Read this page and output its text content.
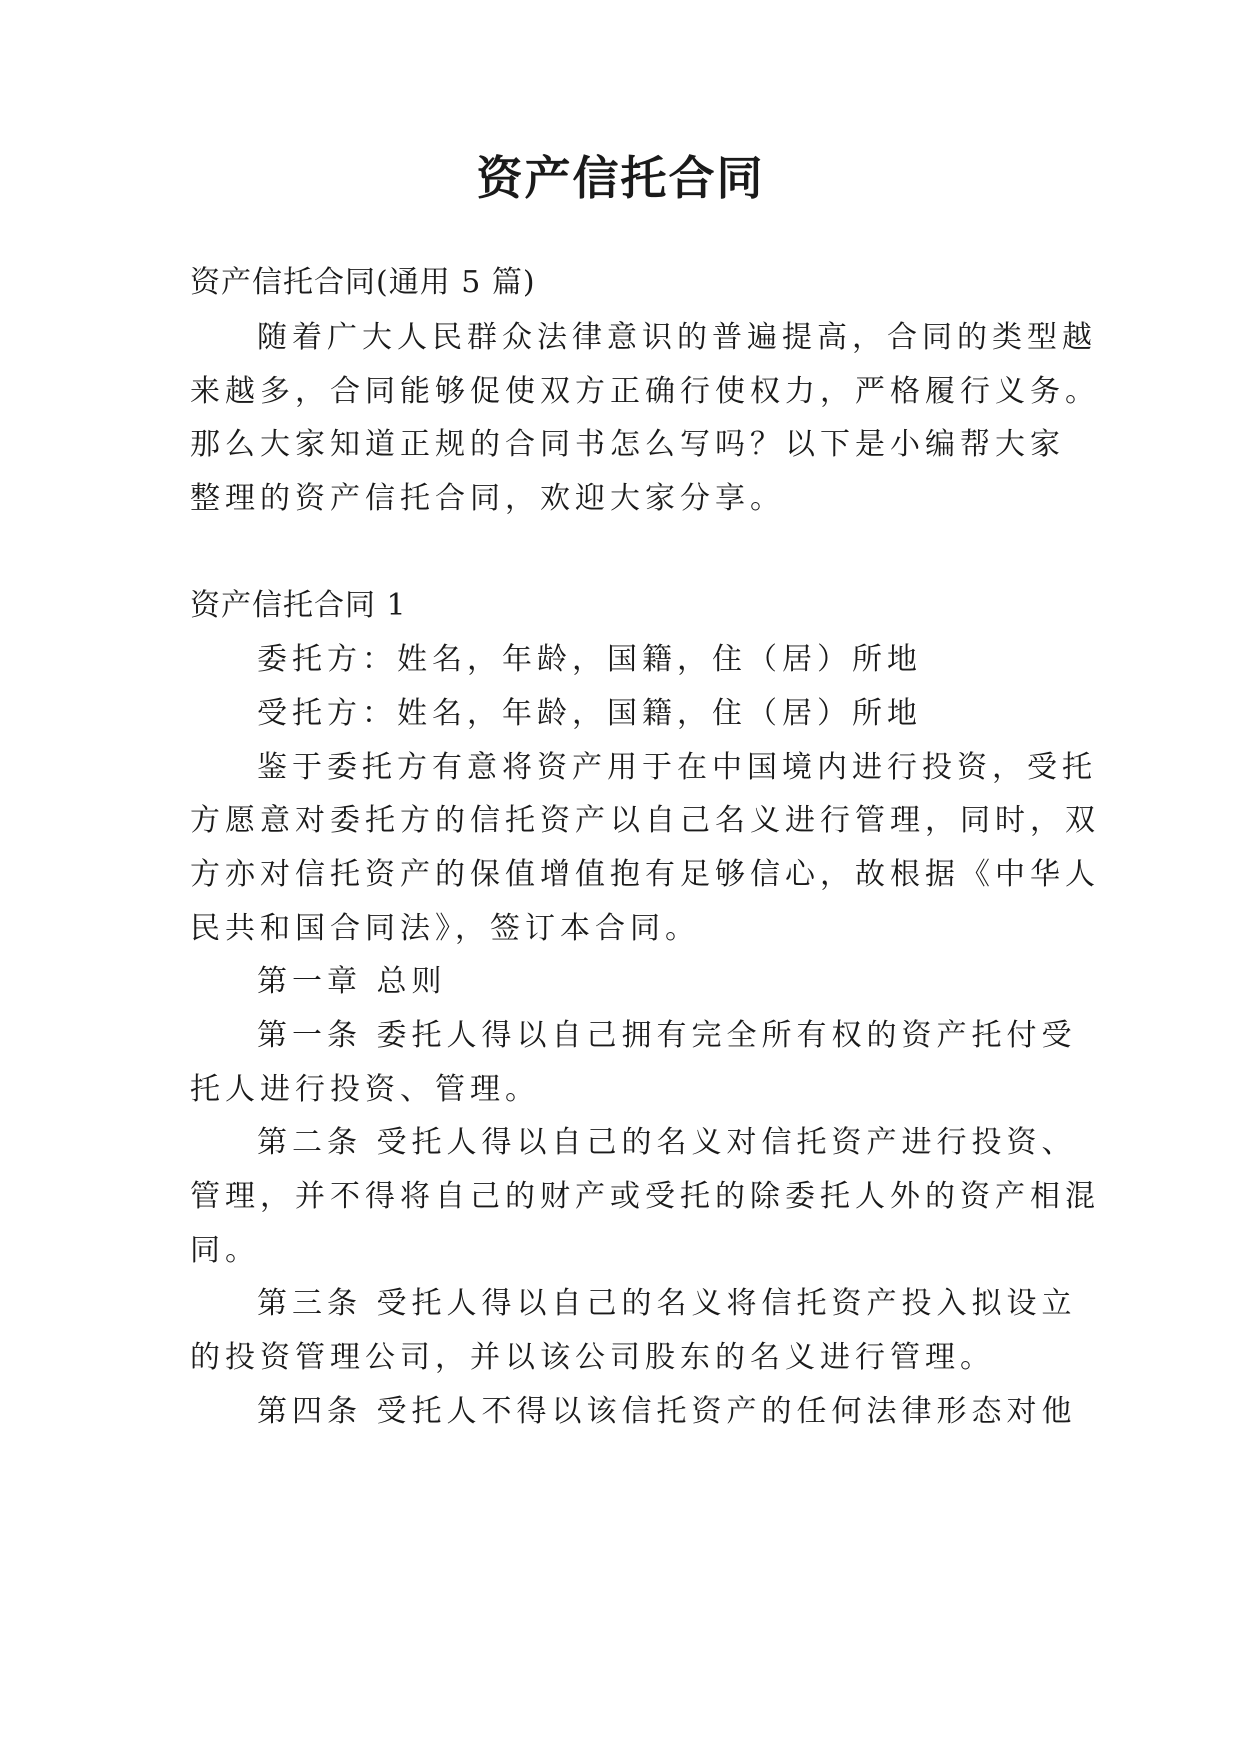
资产信托合同

资产信托合同(通用 5 篇)

随着广大人民群众法律意识的普遍提高，合同的类型越

来越多，合同能够促使双方正确行使权力，严格履行义务。

那么大家知道正规的合同书怎么写吗？以下是小编帮大家

整理的资产信托合同，欢迎大家分享。

资产信托合同 1

委托方：姓名，年龄，国籍，住（居）所地

受托方：姓名，年龄，国籍，住（居）所地

鉴于委托方有意将资产用于在中国境内进行投资，受托

方愿意对委托方的信托资产以自己名义进行管理，同时，双

方亦对信托资产的保值增值抱有足够信心，故根据《中华人

民共和国合同法》，签订本合同。

第一章 总则

第一条 委托人得以自己拥有完全所有权的资产托付受

托人进行投资、管理。

第二条 受托人得以自己的名义对信托资产进行投资、

管理，并不得将自己的财产或受托的除委托人外的资产相混

同。

第三条 受托人得以自己的名义将信托资产投入拟设立

的投资管理公司，并以该公司股东的名义进行管理。

第四条 受托人不得以该信托资产的任何法律形态对他
